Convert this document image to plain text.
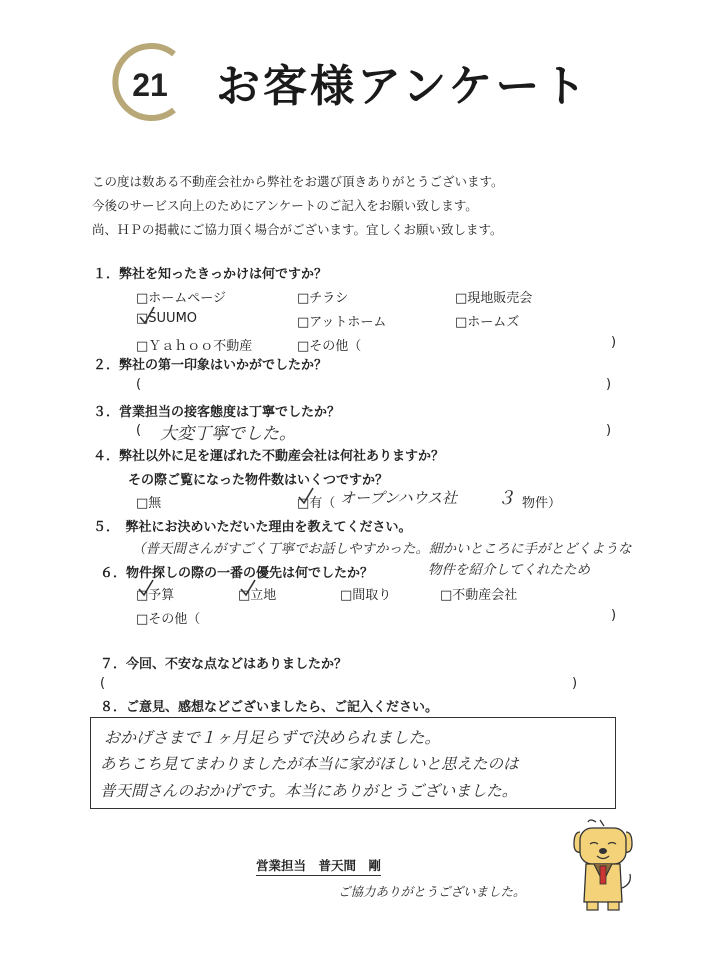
21 お客様アンケート
この度は数ある不動産会社から弊社をお選び頂きありがとうございます。
今後のサービス向上のためにアンケートのご記入をお願い致します。
尚、ＨＰの掲載にご協力頂く場合がございます。宜しくお願い致します。
１．弊社を知ったきっかけは何ですか？
□ホームページ	□チラシ	□現地販売会
□SUUMO	□アットホーム	□ホームズ
□Ｙａｈｏｏ不動産	□その他（	)
２．弊社の第一印象はいかがでしたか？
(	)
３．営業担当の接客態度は丁寧でしたか？
( 大変丁寧でした。	)
４．弊社以外に足を運ばれた不動産会社は何社ありますか？
その際ご覧になった物件数はいくつですか？
□無	□有（ オープンハウス社 ３ 物件）
５．　弊社にお決めいただいた理由を教えてください。
（普天間さんがすごく丁寧でお話しやすかった。細かいところに手がとどくような
物件を紹介してくれたため
６．物件探しの際の一番の優先は何でしたか？
□予算	□立地	□間取り	□不動産会社
□その他（	)
７．今回、不安な点などはありましたか？
(	)
８．ご意見、感想などございましたら、ご記入ください。
おかげさまで１ヶ月足らずで決められました。
あちこち見てまわりましたが本当に家がほしいと思えたのは
普天間さんのおかげです。本当にありがとうございました。
営業担当　普天間　剛
ご協力ありがとうございました。
